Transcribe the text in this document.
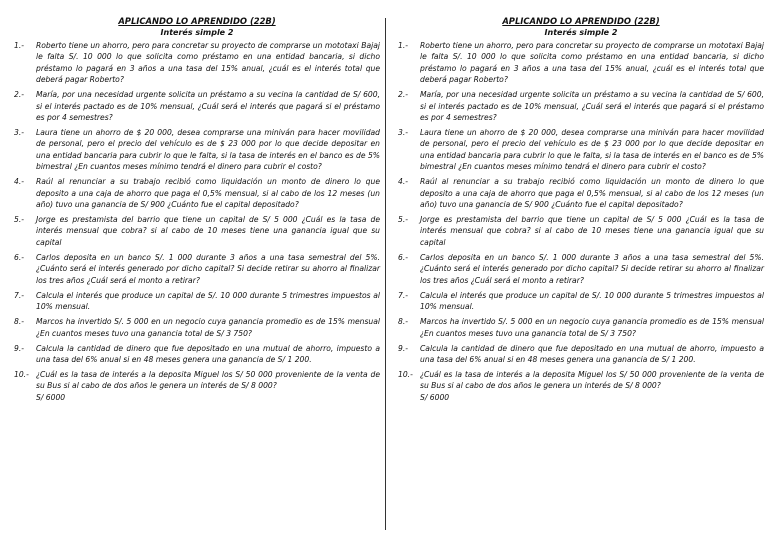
APLICANDO LO APRENDIDO (22B)
Interés simple 2
1.-	Roberto tiene un ahorro, pero para concretar su proyecto de comprarse un mototaxi Bajaj le falta S/. 10 000 lo que solicita como préstamo en una entidad bancaria, si dicho préstamo lo pagará en 3 años a una tasa del 15% anual, ¿cuál es el interés total que deberá pagar Roberto?
2.-	María, por una necesidad urgente solicita un préstamo a su vecina la cantidad de S/ 600, si el interés pactado es de 10% mensual, ¿Cuál será el interés que pagará si el préstamo es por 4 semestres?
3.-	Laura tiene un ahorro de $ 20 000, desea comprarse una miniván para hacer movilidad de personal, pero el precio del vehículo es de $ 23 000 por lo que decide depositar en una entidad bancaria para cubrir lo que le falta, si la tasa de interés en el banco es de 5% bimestral ¿En cuantos meses mínimo tendrá el dinero para cubrir el costo?
4.-	Raúl al renunciar a su trabajo recibió como liquidación un monto de dinero lo que deposito a una caja de ahorro que paga el 0,5% mensual, si al cabo de los 12 meses (un año) tuvo una ganancia de S/ 900 ¿Cuánto fue el capital depositado?
5.-	Jorge es prestamista del barrio que tiene un capital de S/ 5 000 ¿Cuál es la tasa de interés mensual que cobra? si al cabo de 10 meses tiene una ganancia igual que su capital
6.-	Carlos deposita en un banco S/. 1 000 durante 3 años a una tasa semestral del 5%. ¿Cuánto será el interés generado por dicho capital? Si decide retirar su ahorro al finalizar los tres años ¿Cuál será el monto a retirar?
7.-	Calcula el interés que produce un capital de S/. 10 000 durante 5 trimestres impuestos al 10% mensual.
8.-	Marcos ha invertido S/. 5 000 en un negocio cuya ganancia promedio es de 15% mensual ¿En cuantos meses tuvo una ganancia total de S/ 3 750?
9.-	Calcula la cantidad de dinero que fue depositado en una mutual de ahorro, impuesto a una tasa del 6% anual si en 48 meses genera una ganancia de S/ 1 200.
10.- ¿Cuál es la tasa de interés a la deposita Miguel los S/ 50 000 proveniente de la venta de su Bus si al cabo de dos años le genera un interés de S/ 8 000?
S/ 6000
APLICANDO LO APRENDIDO (22B)
Interés simple 2
1.-	Roberto tiene un ahorro, pero para concretar su proyecto de comprarse un mototaxi Bajaj le falta S/. 10 000 lo que solicita como préstamo en una entidad bancaria, si dicho préstamo lo pagará en 3 años a una tasa del 15% anual, ¿cuál es el interés total que deberá pagar Roberto?
2.-	María, por una necesidad urgente solicita un préstamo a su vecina la cantidad de S/ 600, si el interés pactado es de 10% mensual, ¿Cuál será el interés que pagará si el préstamo es por 4 semestres?
3.-	Laura tiene un ahorro de $ 20 000, desea comprarse una miniván para hacer movilidad de personal, pero el precio del vehículo es de $ 23 000 por lo que decide depositar en una entidad bancaria para cubrir lo que le falta, si la tasa de interés en el banco es de 5% bimestral ¿En cuantos meses mínimo tendrá el dinero para cubrir el costo?
4.-	Raúl al renunciar a su trabajo recibió como liquidación un monto de dinero lo que deposito a una caja de ahorro que paga el 0,5% mensual, si al cabo de los 12 meses (un año) tuvo una ganancia de S/ 900 ¿Cuánto fue el capital depositado?
5.-	Jorge es prestamista del barrio que tiene un capital de S/ 5 000 ¿Cuál es la tasa de interés mensual que cobra? si al cabo de 10 meses tiene una ganancia igual que su capital
6.-	Carlos deposita en un banco S/. 1 000 durante 3 años a una tasa semestral del 5%. ¿Cuánto será el interés generado por dicho capital? Si decide retirar su ahorro al finalizar los tres años ¿Cuál será el monto a retirar?
7.-	Calcula el interés que produce un capital de S/. 10 000 durante 5 trimestres impuestos al 10% mensual.
8.-	Marcos ha invertido S/. 5 000 en un negocio cuya ganancia promedio es de 15% mensual ¿En cuantos meses tuvo una ganancia total de S/ 3 750?
9.-	Calcula la cantidad de dinero que fue depositado en una mutual de ahorro, impuesto a una tasa del 6% anual si en 48 meses genera una ganancia de S/ 1 200.
10.- ¿Cuál es la tasa de interés a la deposita Miguel los S/ 50 000 proveniente de la venta de su Bus si al cabo de dos años le genera un interés de S/ 8 000?
S/ 6000
